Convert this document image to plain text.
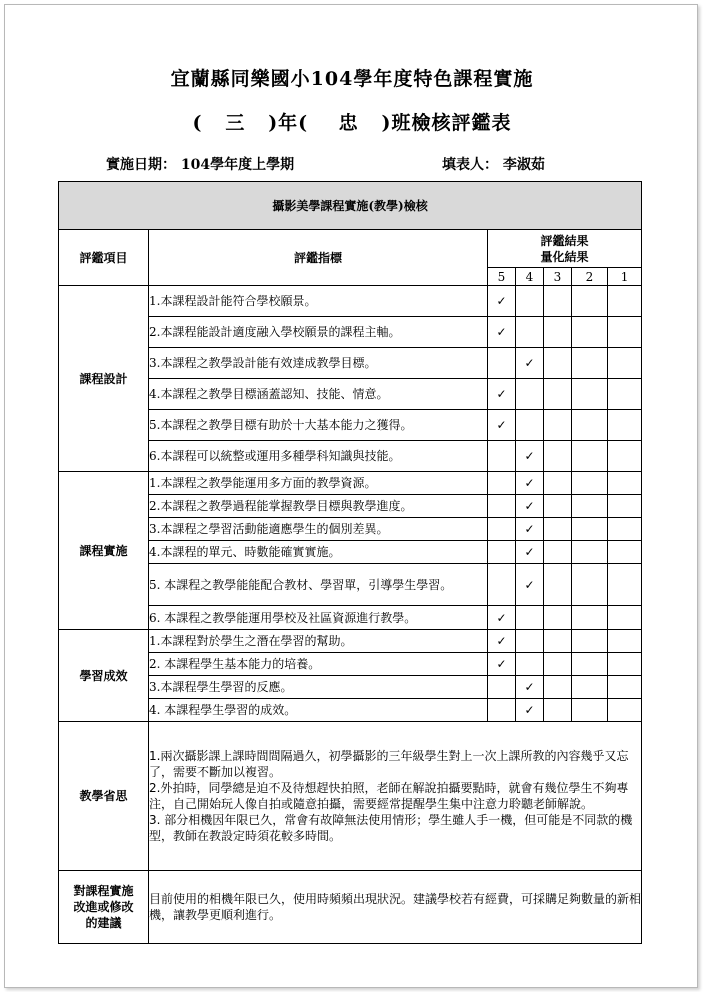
宜蘭縣同樂國小104學年度特色課程實施
(   三   )年(    忠   )班檢核評鑑表
實施日期： 104學年度上學期	填表人： 李淑茹
攝影美學課程實施(教學)檢核						
評鑑項目	評鑑指標	評鑑結果
量化結果				

		5	4	3	2	1
課程設計	1.本課程設計能符合學校願景。	✓				
	2.本課程能設計適度融入學校願景的課程主軸。	✓				
	3.本課程之教學設計能有效達成教學目標。		✓			
	4.本課程之教學目標涵蓋認知、技能、情意。	✓				
	5.本課程之教學目標有助於十大基本能力之獲得。	✓				
	6.本課程可以統整或運用多種學科知識與技能。		✓			
課程實施	1.本課程之教學能運用多方面的教學資源。		✓			
	2.本課程之教學過程能掌握教學目標與教學進度。		✓			
	3.本課程之學習活動能適應學生的個別差異。		✓			
	4.本課程的單元、時數能確實實施。		✓			
	5. 本課程之教學能能配合教材、學習單，引導學生學習。		✓			
	6. 本課程之教學能運用學校及社區資源進行教學。	✓				
學習成效	1.本課程對於學生之潛在學習的幫助。	✓				
	2. 本課程學生基本能力的培養。	✓				
	3.本課程學生學習的反應。		✓			
	4. 本課程學生學習的成效。		✓			
教學省思	1.兩次攝影課上課時間間隔過久，初學攝影的三年級學生對上一次上課所教的內容幾乎又忘了，需要不斷加以複習。
2.外拍時，同學總是迫不及待想趕快拍照，老師在解說拍攝要點時，就會有幾位學生不夠專注，自己開始玩人像自拍或隨意拍攝，需要經常提醒學生集中注意力聆聽老師解說。
3. 部分相機因年限已久，常會有故障無法使用情形；學生雖人手一機，但可能是不同款的機型，教師在教設定時須花較多時間。					

對課程實施
改進或修改
的建議	目前使用的相機年限已久，使用時頻頻出現狀況。建議學校若有經費，可採購足夠數量的新相機，讓教學更順利進行。					
